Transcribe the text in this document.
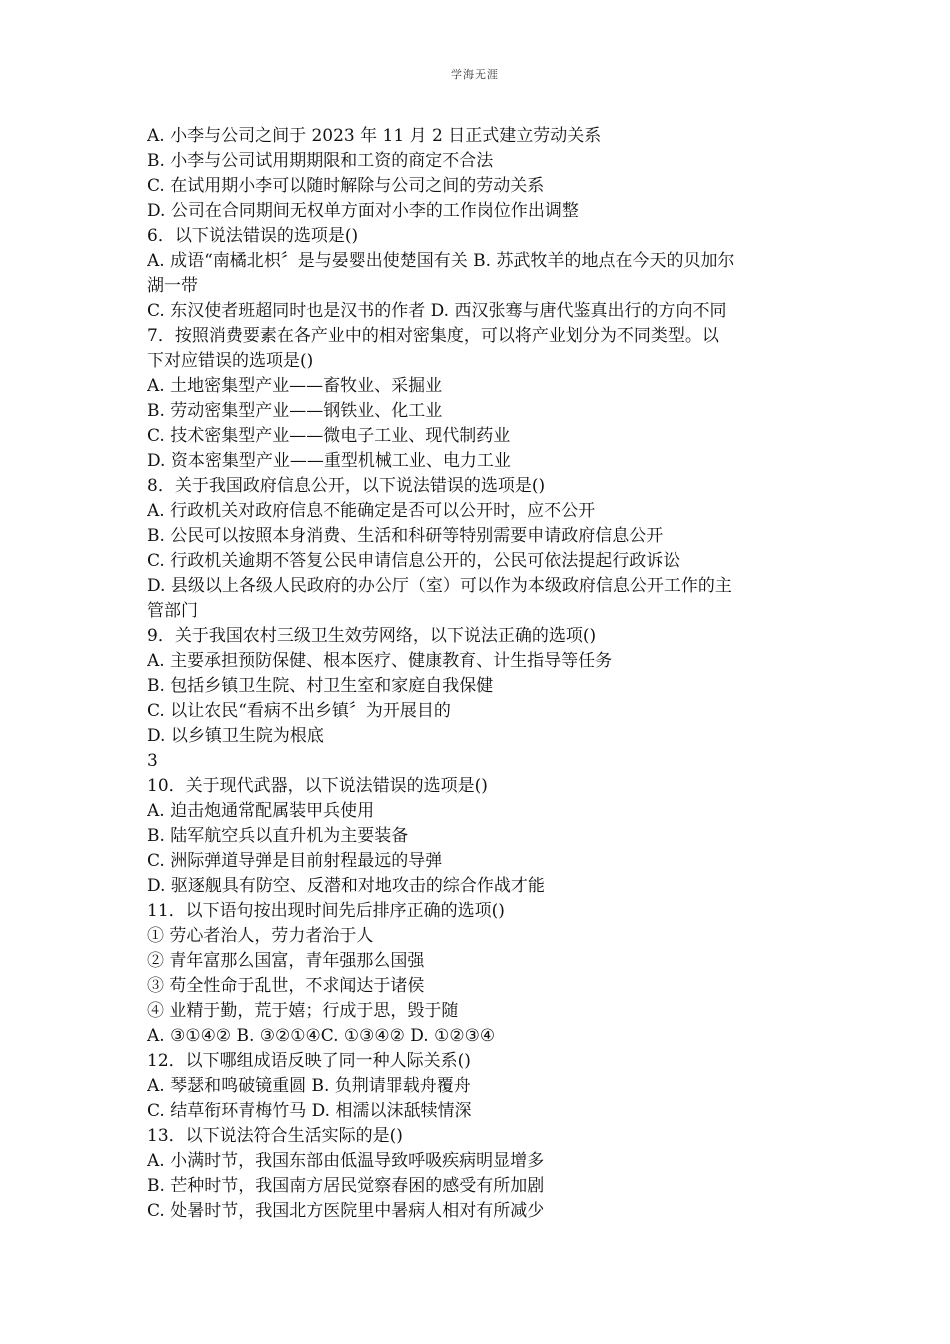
学海无涯
A. 小李与公司之间于 2023 年 11 月 2 日正式建立劳动关系
B. 小李与公司试用期期限和工资的商定不合法
C. 在试用期小李可以随时解除与公司之间的劳动关系
D. 公司在合同期间无权单方面对小李的工作岗位作出调整
6．以下说法错误的选项是()
A. 成语“南橘北枳〞是与晏婴出使楚国有关 B. 苏武牧羊的地点在今天的贝加尔
湖一带
C. 东汉使者班超同时也是汉书的作者 D. 西汉张骞与唐代鉴真出行的方向不同
7．按照消费要素在各产业中的相对密集度，可以将产业划分为不同类型。以
下对应错误的选项是()
A. 土地密集型产业——畜牧业、采掘业
B. 劳动密集型产业——钢铁业、化工业
C. 技术密集型产业——微电子工业、现代制药业
D. 资本密集型产业——重型机械工业、电力工业
8．关于我国政府信息公开，以下说法错误的选项是()
A. 行政机关对政府信息不能确定是否可以公开时，应不公开
B. 公民可以按照本身消费、生活和科研等特别需要申请政府信息公开
C. 行政机关逾期不答复公民申请信息公开的，公民可依法提起行政诉讼
D. 县级以上各级人民政府的办公厅（室）可以作为本级政府信息公开工作的主
管部门
9．关于我国农村三级卫生效劳网络，以下说法正确的选项()
A. 主要承担预防保健、根本医疗、健康教育、计生指导等任务
B. 包括乡镇卫生院、村卫生室和家庭自我保健
C. 以让农民“看病不出乡镇〞为开展目的
D. 以乡镇卫生院为根底
3
10．关于现代武器，以下说法错误的选项是()
A. 迫击炮通常配属装甲兵使用
B. 陆军航空兵以直升机为主要装备
C. 洲际弹道导弹是目前射程最远的导弹
D. 驱逐舰具有防空、反潜和对地攻击的综合作战才能
11．以下语句按出现时间先后排序正确的选项()
① 劳心者治人，劳力者治于人
② 青年富那么国富，青年强那么国强
③ 苟全性命于乱世，不求闻达于诸侯
④ 业精于勤，荒于嬉；行成于思，毁于随
A. ③①④② B. ③②①④C. ①③④② D. ①②③④
12．以下哪组成语反映了同一种人际关系()
A. 琴瑟和鸣破镜重圆 B. 负荆请罪载舟覆舟
C. 结草衔环青梅竹马 D. 相濡以沫舐犊情深
13．以下说法符合生活实际的是()
A. 小满时节，我国东部由低温导致呼吸疾病明显增多
B. 芒种时节，我国南方居民觉察春困的感受有所加剧
C. 处暑时节，我国北方医院里中暑病人相对有所减少
